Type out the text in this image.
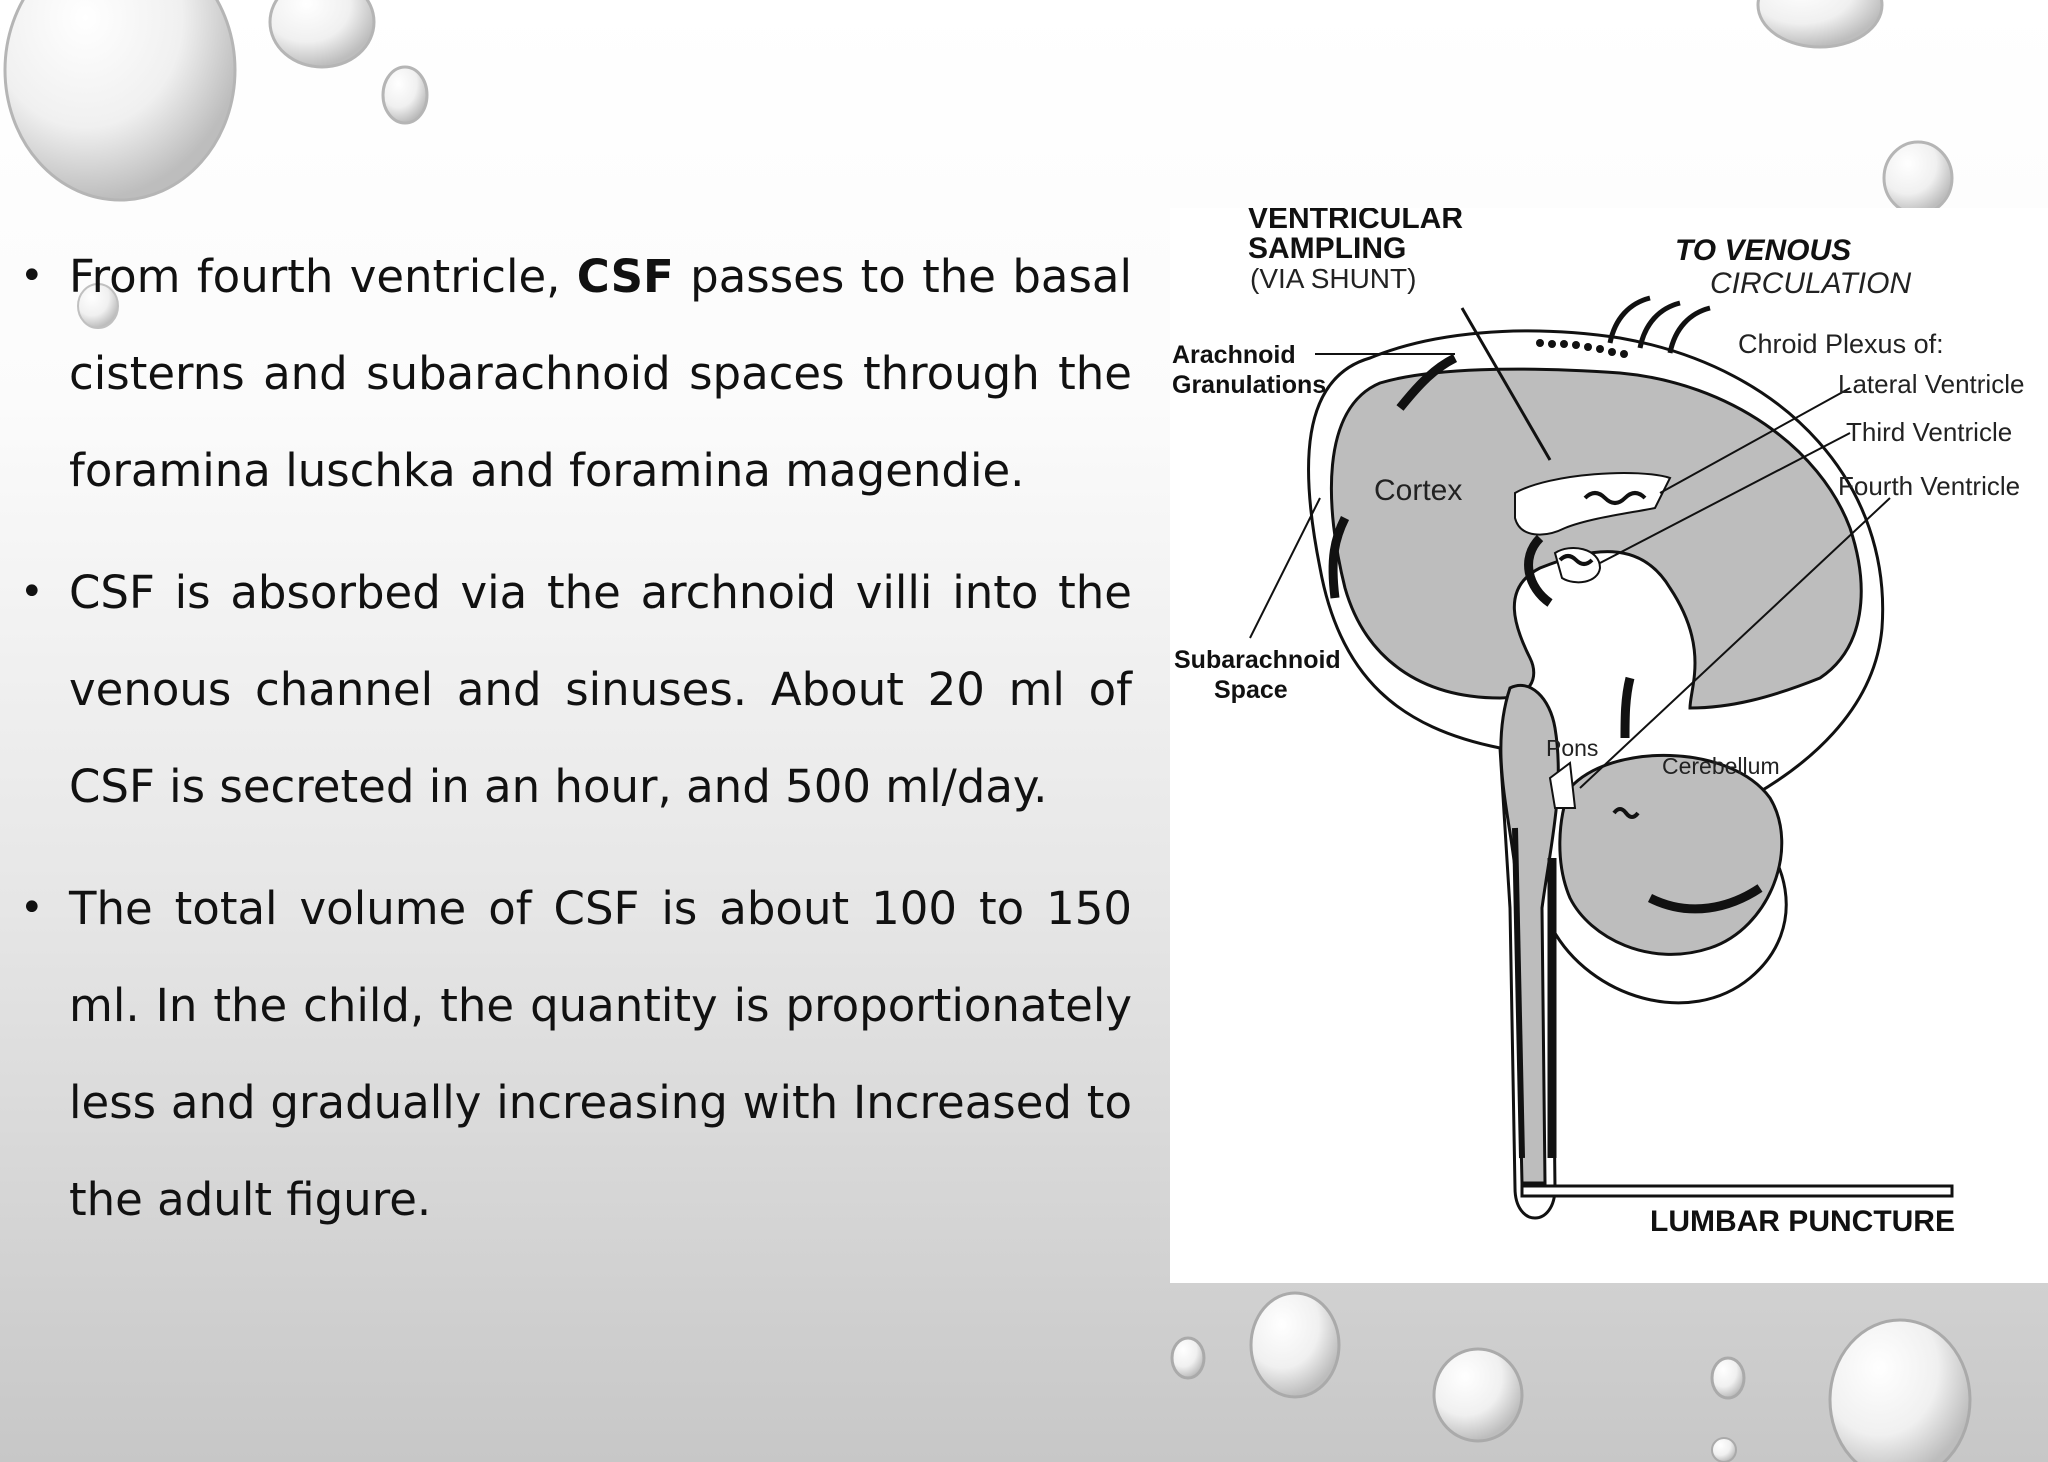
• From fourth ventricle, CSF passes to the basal cisterns and subarachnoid spaces through the foramina luschka and foramina magendie.
• CSF is absorbed via the archnoid villi into the venous channel and sinuses. About 20 ml of CSF is secreted in an hour, and 500 ml/day.
• The total volume of CSF is about 100 to 150 ml. In the child, the quantity is proportionately less and gradually increasing with Increased to the adult figure.
VENTRICULAR
SAMPLING
(VIA SHUNT)
TO VENOUS
CIRCULATION
Chroid Plexus of:
Lateral Ventricle
Third Ventricle
Fourth Ventricle
Arachnoid
Granulations
Cortex
Subarachnoid
Space
Pons
Cerebellum
LUMBAR PUNCTURE
